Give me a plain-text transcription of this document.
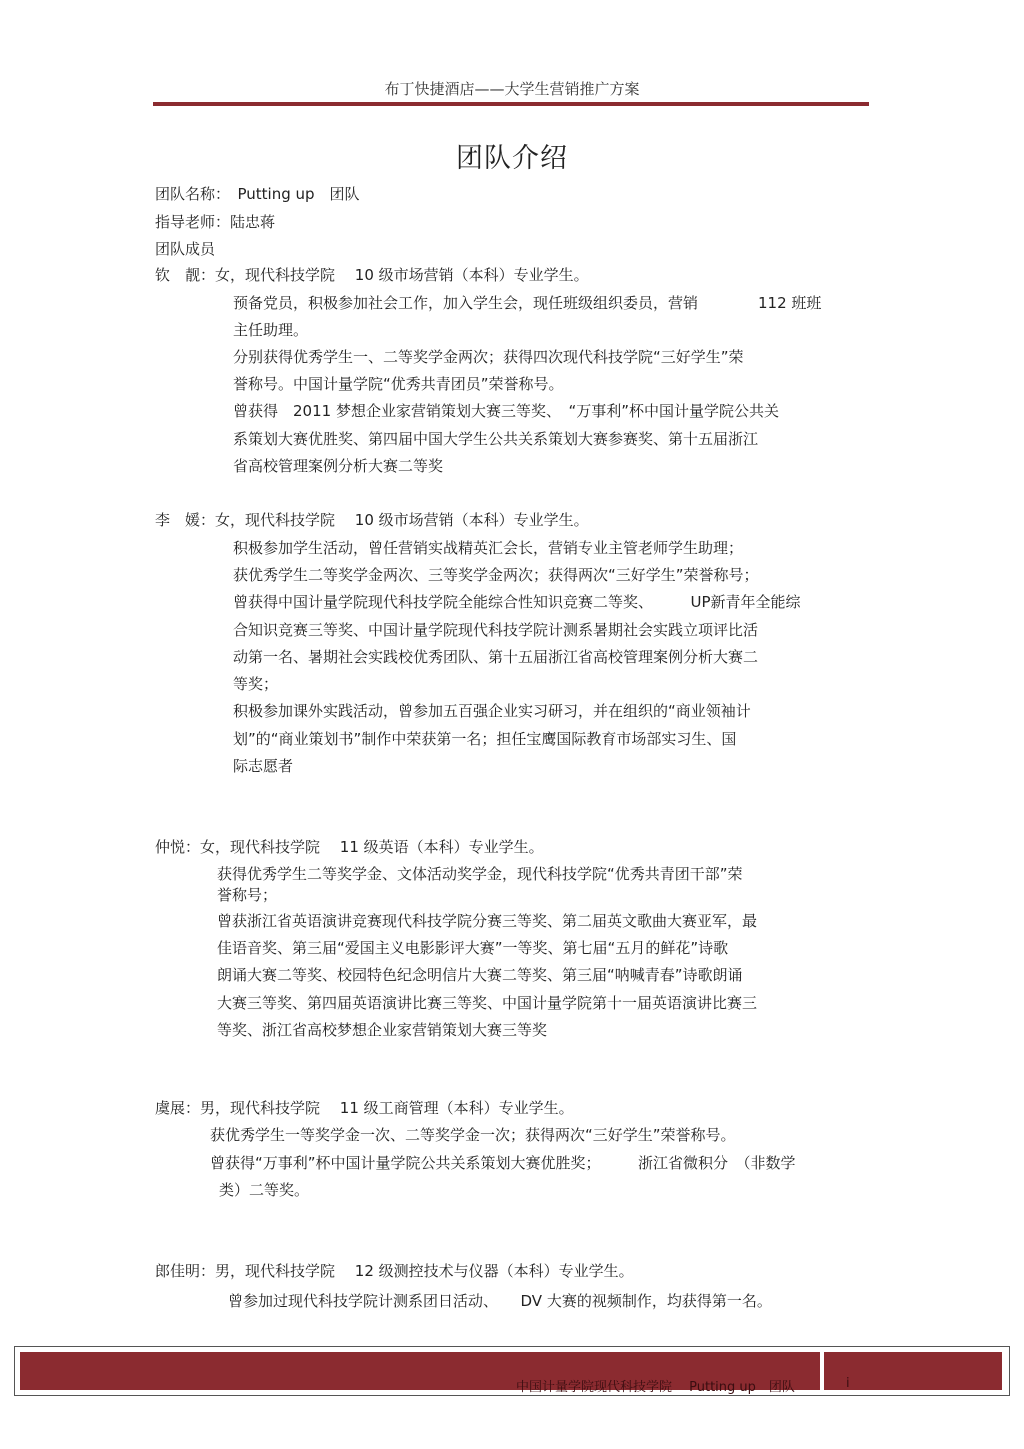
布丁快捷酒店——大学生营销推广方案
团队介绍
团队名称：　Putting up　团队
指导老师：陆忠蒋
团队成员
钦　靓：女，现代科技学院　 10 级市场营销（本科）专业学生。
预备党员，积极参加社会工作，加入学生会，现任班级组织委员，营销　　　　112 班班
主任助理。
分别获得优秀学生一、二等奖学金两次；获得四次现代科技学院“三好学生”荣
誉称号。中国计量学院“优秀共青团员”荣誉称号。
曾获得　2011 梦想企业家营销策划大赛三等奖、　“万事利”杯中国计量学院公共关
系策划大赛优胜奖、第四届中国大学生公共关系策划大赛参赛奖、第十五届浙江
省高校管理案例分析大赛二等奖
李　媛：女，现代科技学院　 10 级市场营销（本科）专业学生。
积极参加学生活动，曾任营销实战精英汇会长，营销专业主管老师学生助理；
获优秀学生二等奖学金两次、三等奖学金两次；获得两次“三好学生”荣誉称号；
曾获得中国计量学院现代科技学院全能综合性知识竞赛二等奖、　　　UP新青年全能综
合知识竞赛三等奖、中国计量学院现代科技学院计测系暑期社会实践立项评比活
动第一名、暑期社会实践校优秀团队、第十五届浙江省高校管理案例分析大赛二
等奖；
积极参加课外实践活动，曾参加五百强企业实习研习，并在组织的“商业领袖计
划”的“商业策划书”制作中荣获第一名；担任宝鹰国际教育市场部实习生、国
际志愿者
仲悦：女，现代科技学院　 11 级英语（本科）专业学生。
获得优秀学生二等奖学金、文体活动奖学金，现代科技学院“优秀共青团干部”荣
誉称号；
曾获浙江省英语演讲竞赛现代科技学院分赛三等奖、第二届英文歌曲大赛亚军，最
佳语音奖、第三届“爱国主义电影影评大赛”一等奖、第七届“五月的鲜花”诗歌
朗诵大赛二等奖、校园特色纪念明信片大赛二等奖、第三届“呐喊青春”诗歌朗诵
大赛三等奖、第四届英语演讲比赛三等奖、中国计量学院第十一届英语演讲比赛三
等奖、浙江省高校梦想企业家营销策划大赛三等奖
虞展：男，现代科技学院　 11 级工商管理（本科）专业学生。
获优秀学生一等奖学金一次、二等奖学金一次；获得两次“三好学生”荣誉称号。
曾获得“万事利”杯中国计量学院公共关系策划大赛优胜奖；　　　浙江省微积分　（非数学
类）二等奖。
郎佳明：男，现代科技学院　 12 级测控技术与仪器（本科）专业学生。
曾参加过现代科技学院计测系团日活动、　　DV 大赛的视频制作，均获得第一名。
中国计量学院现代科技学院　 Putting up　团队	i
